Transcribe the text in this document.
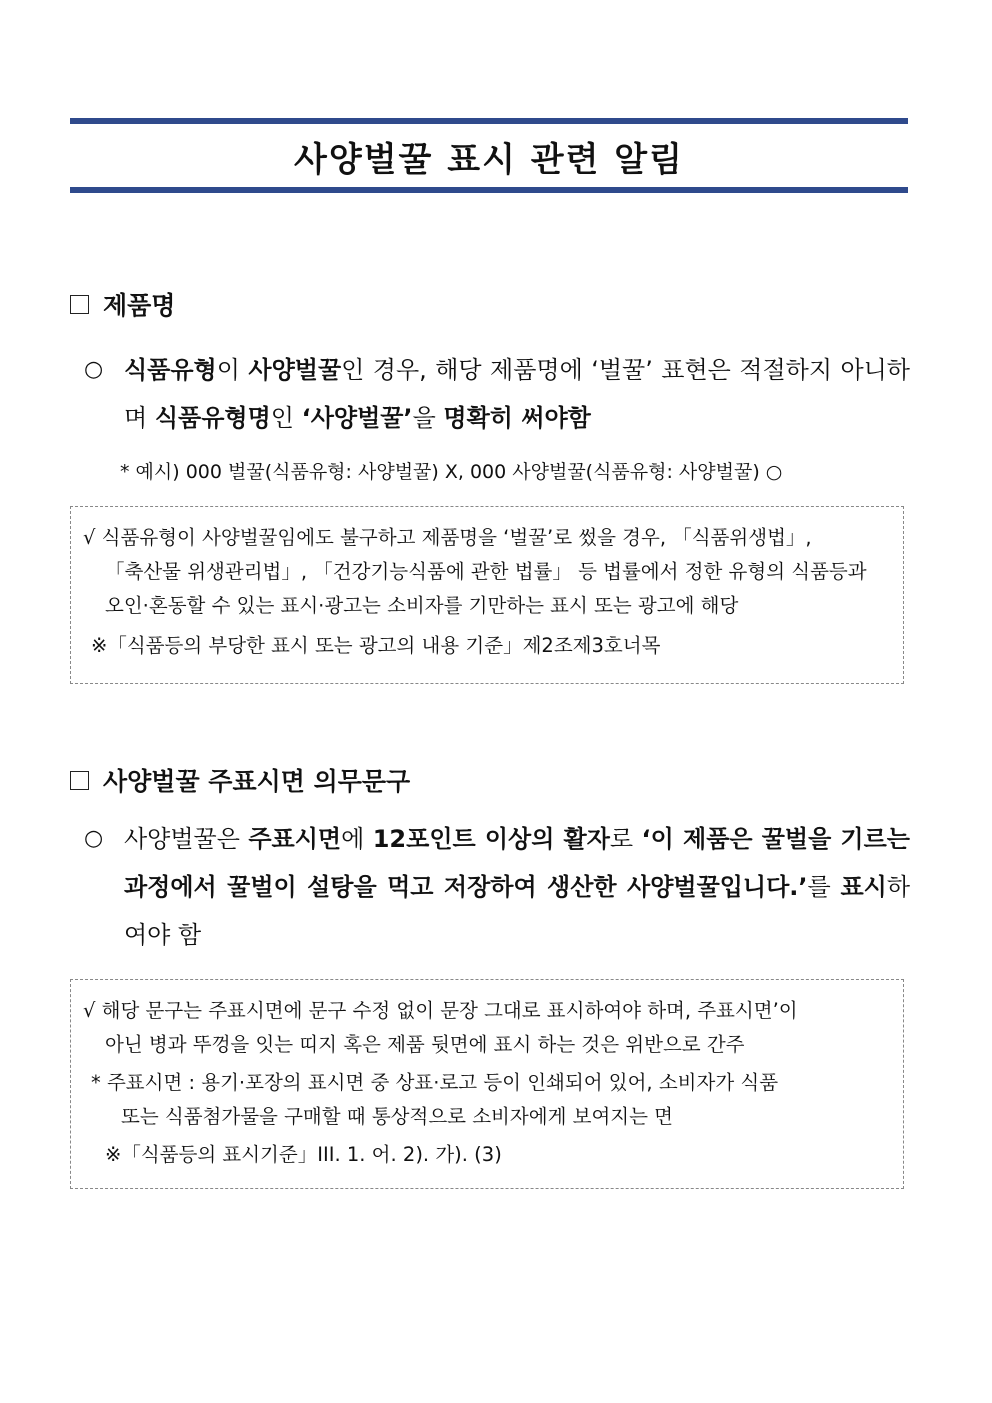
사양벌꿀 표시 관련 알림
제품명
○ 식품유형이 사양벌꿀인 경우, 해당 제품명에 ‘벌꿀’ 표현은 적절하지 아니하며 식품유형명인 ‘사양벌꿀’을 명확히 써야함
* 예시) 000 벌꿀(식품유형: 사양벌꿀) X, 000 사양벌꿀(식품유형: 사양벌꿀) ○
√ 식품유형이 사양벌꿀임에도 불구하고 제품명을 ‘벌꿀’로 썼을 경우, 「식품위생법」,
「축산물 위생관리법」, 「건강기능식품에 관한 법률」 등 법률에서 정한 유형의 식품등과
오인·혼동할 수 있는 표시·광고는 소비자를 기만하는 표시 또는 광고에 해당
※「식품등의 부당한 표시 또는 광고의 내용 기준」제2조제3호너목
사양벌꿀 주표시면 의무문구
○ 사양벌꿀은 주표시면에 12포인트 이상의 활자로 ‘이 제품은 꿀벌을 기르는 과정에서 꿀벌이 설탕을 먹고 저장하여 생산한 사양벌꿀입니다.’를 표시하여야 함
√ 해당 문구는 주표시면에 문구 수정 없이 문장 그대로 표시하여야 하며, 주표시면’이
아닌 병과 뚜껑을 잇는 띠지 혹은 제품 뒷면에 표시 하는 것은 위반으로 간주
* 주표시면 : 용기·포장의 표시면 중 상표·로고 등이 인쇄되어 있어, 소비자가 식품
또는 식품첨가물을 구매할 때 통상적으로 소비자에게 보여지는 면
※「식품등의 표시기준」III. 1. 어. 2). 가). (3)
